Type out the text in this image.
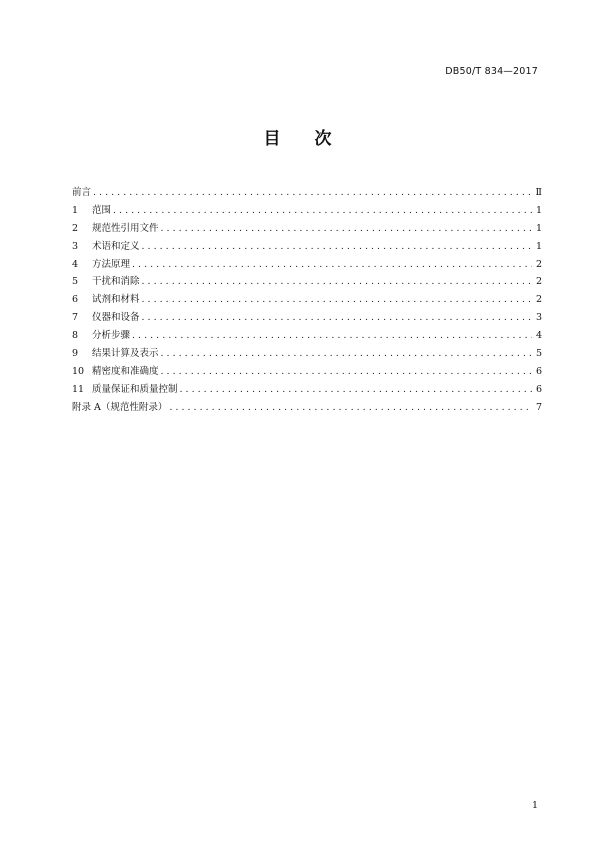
DB50/T 834—2017
目 次
前言 . . .	Ⅱ
1	范围 . . .	1
2	规范性引用文件 . . .	1
3	术语和定义 . . .	1
4	方法原理 . . .	2
5	干扰和消除 . . .	2
6	试剂和材料 . . .	2
7	仪器和设备 . . .	3
8	分析步骤 . . .	4
9	结果计算及表示 . . .	5
10 精密度和准确度 . . .	6
11 质量保证和质量控制 . . .	6
附录 A（规范性附录） . . .	7
1
